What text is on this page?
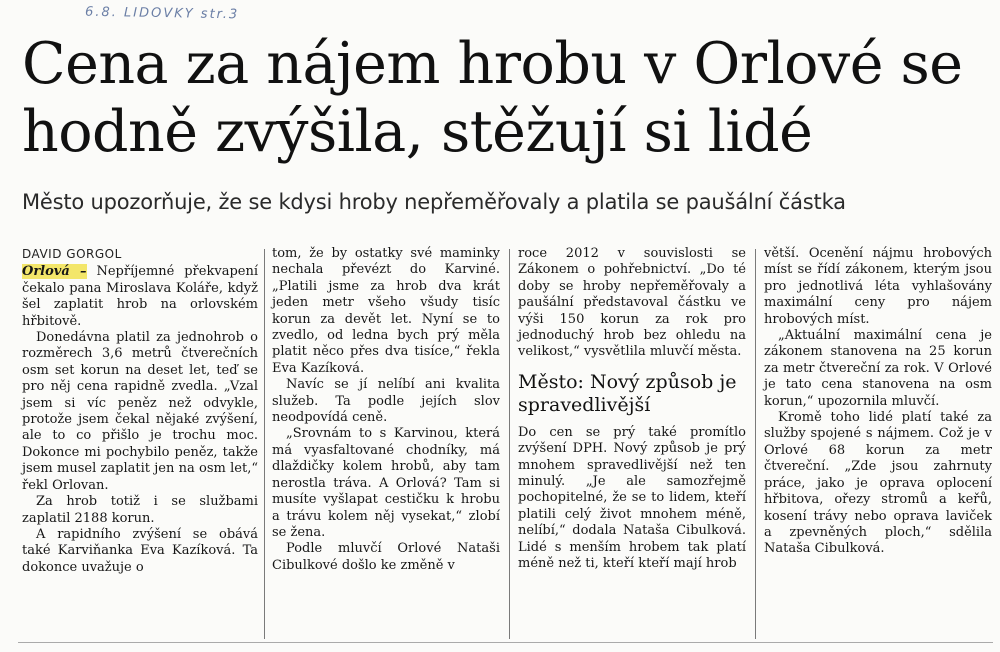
6.8. LIDOVKY str.3
Cena za nájem hrobu v Orlové se hodně zvýšila, stěžují si lidé
Město upozorňuje, že se kdysi hroby nepřeměřovaly a platila se paušální částka
DAVID GORGOL

Orlová – Nepříjemné překvapení čekalo pana Miroslava Koláře, když šel zaplatit hrob na orlovském hřbitově.

Donedávna platil za jednohrob o rozměrech 3,6 metrů čtverečních osm set korun na deset let, teď se pro něj cena rapidně zvedla. „Vzal jsem si víc peněz než odvykle, protože jsem čekal nějaké zvýšení, ale to co přišlo je trochu moc. Dokonce mi pochybilo peněz, takže jsem musel zaplatit jen na osm let,“ řekl Orlovan.

Za hrob totiž i se službami zaplatil 2188 korun.

A rapidního zvýšení se obává také Karviňanka Eva Kazíková. Ta dokonce uvažuje o

tom, že by ostatky své maminky nechala převézt do Karviné. „Platili jsme za hrob dva krát jeden metr všeho všudy tisíc korun za devět let. Nyní se to zvedlo, od ledna bych prý měla platit něco přes dva tisíce,“ řekla Eva Kazíková.

Navíc se jí nelíbí ani kvalita služeb. Ta podle jejích slov neodpovídá ceně.

„Srovnám to s Karvinou, která má vyasfaltované chodníky, má dlaždičky kolem hrobů, aby tam nerostla tráva. A Orlová? Tam si musíte vyšlapat cestičku k hrobu a trávu kolem něj vysekat,“ zlobí se žena.

Podle mluvčí Orlové Nataši Cibulkové došlo ke změně v

roce 2012 v souvislosti se Zákonem o pohřebnictví. „Do té doby se hroby nepřeměřovaly a paušální představoval částku ve výši 150 korun za rok pro jednoduchý hrob bez ohledu na velikost,“ vysvětlila mluvčí města.

Město: Nový způsob je spravedlivější

Do cen se prý také promítlo zvýšení DPH. Nový způsob je prý mnohem spravedlivější než ten minulý. „Je ale samozřejmě pochopitelné, že se to lidem, kteří platili celý život mnohem méně, nelíbí,“ dodala Nataša Cibulková. Lidé s menším hrobem tak platí méně než ti, kteří kteří mají hrob

větší. Ocenění nájmu hrobových míst se řídí zákonem, kterým jsou pro jednotlivá léta vyhlašovány maximální ceny pro nájem hrobových míst.

„Aktuální maximální cena je zákonem stanovena na 25 korun za metr čtvereční za rok. V Orlové je tato cena stanovena na osm korun,“ upozornila mluvčí.

Kromě toho lidé platí také za služby spojené s nájmem. Což je v Orlové 68 korun za metr čtvereční. „Zde jsou zahrnuty práce, jako je oprava oplocení hřbitova, ořezy stromů a keřů, kosení trávy nebo oprava laviček a zpevněných ploch,“ sdělila Nataša Cibulková.
